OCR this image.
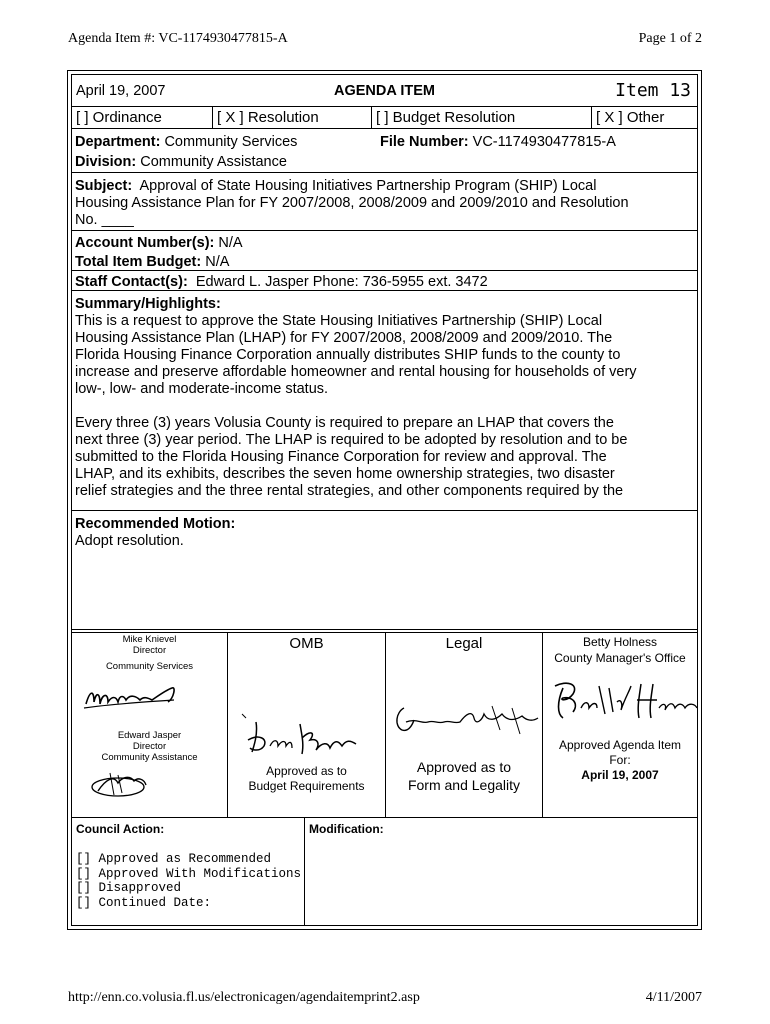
Agenda Item #: VC-1174930477815-A	Page 1 of 2
April 19, 2007	AGENDA ITEM	Item 13
[ ] Ordinance	[ X ] Resolution	[ ] Budget Resolution	[ X ] Other
Department: Community Services	File Number: VC-1174930477815-A
Division: Community Assistance
Subject: Approval of State Housing Initiatives Partnership Program (SHIP) Local
Housing Assistance Plan for FY 2007/2008, 2008/2009 and 2009/2010 and Resolution
No. ____
Account Number(s): N/A
Total Item Budget: N/A
Staff Contact(s): Edward L. Jasper Phone: 736-5955 ext. 3472
Summary/Highlights:
This is a request to approve the State Housing Initiatives Partnership (SHIP) Local
Housing Assistance Plan (LHAP) for FY 2007/2008, 2008/2009 and 2009/2010. The
Florida Housing Finance Corporation annually distributes SHIP funds to the county to
increase and preserve affordable homeowner and rental housing for households of very
low-, low- and moderate-income status.
Every three (3) years Volusia County is required to prepare an LHAP that covers the
next three (3) year period. The LHAP is required to be adopted by resolution and to be
submitted to the Florida Housing Finance Corporation for review and approval. The
LHAP, and its exhibits, describes the seven home ownership strategies, two disaster
relief strategies and the three rental strategies, and other components required by the
Recommended Motion:
Adopt resolution.
Mike Knievel
Director
Community Services
Edward Jasper
Director
Community Assistance
OMB
Approved as to
Budget Requirements
Legal
Approved as to
Form and Legality
Betty Holness
County Manager's Office
Approved Agenda Item
For:
April 19, 2007
Council Action:
[] Approved as Recommended
[] Approved With Modifications
[] Disapproved
[] Continued Date:
Modification:
http://enn.co.volusia.fl.us/electronicagen/agendaitemprint2.asp	4/11/2007
